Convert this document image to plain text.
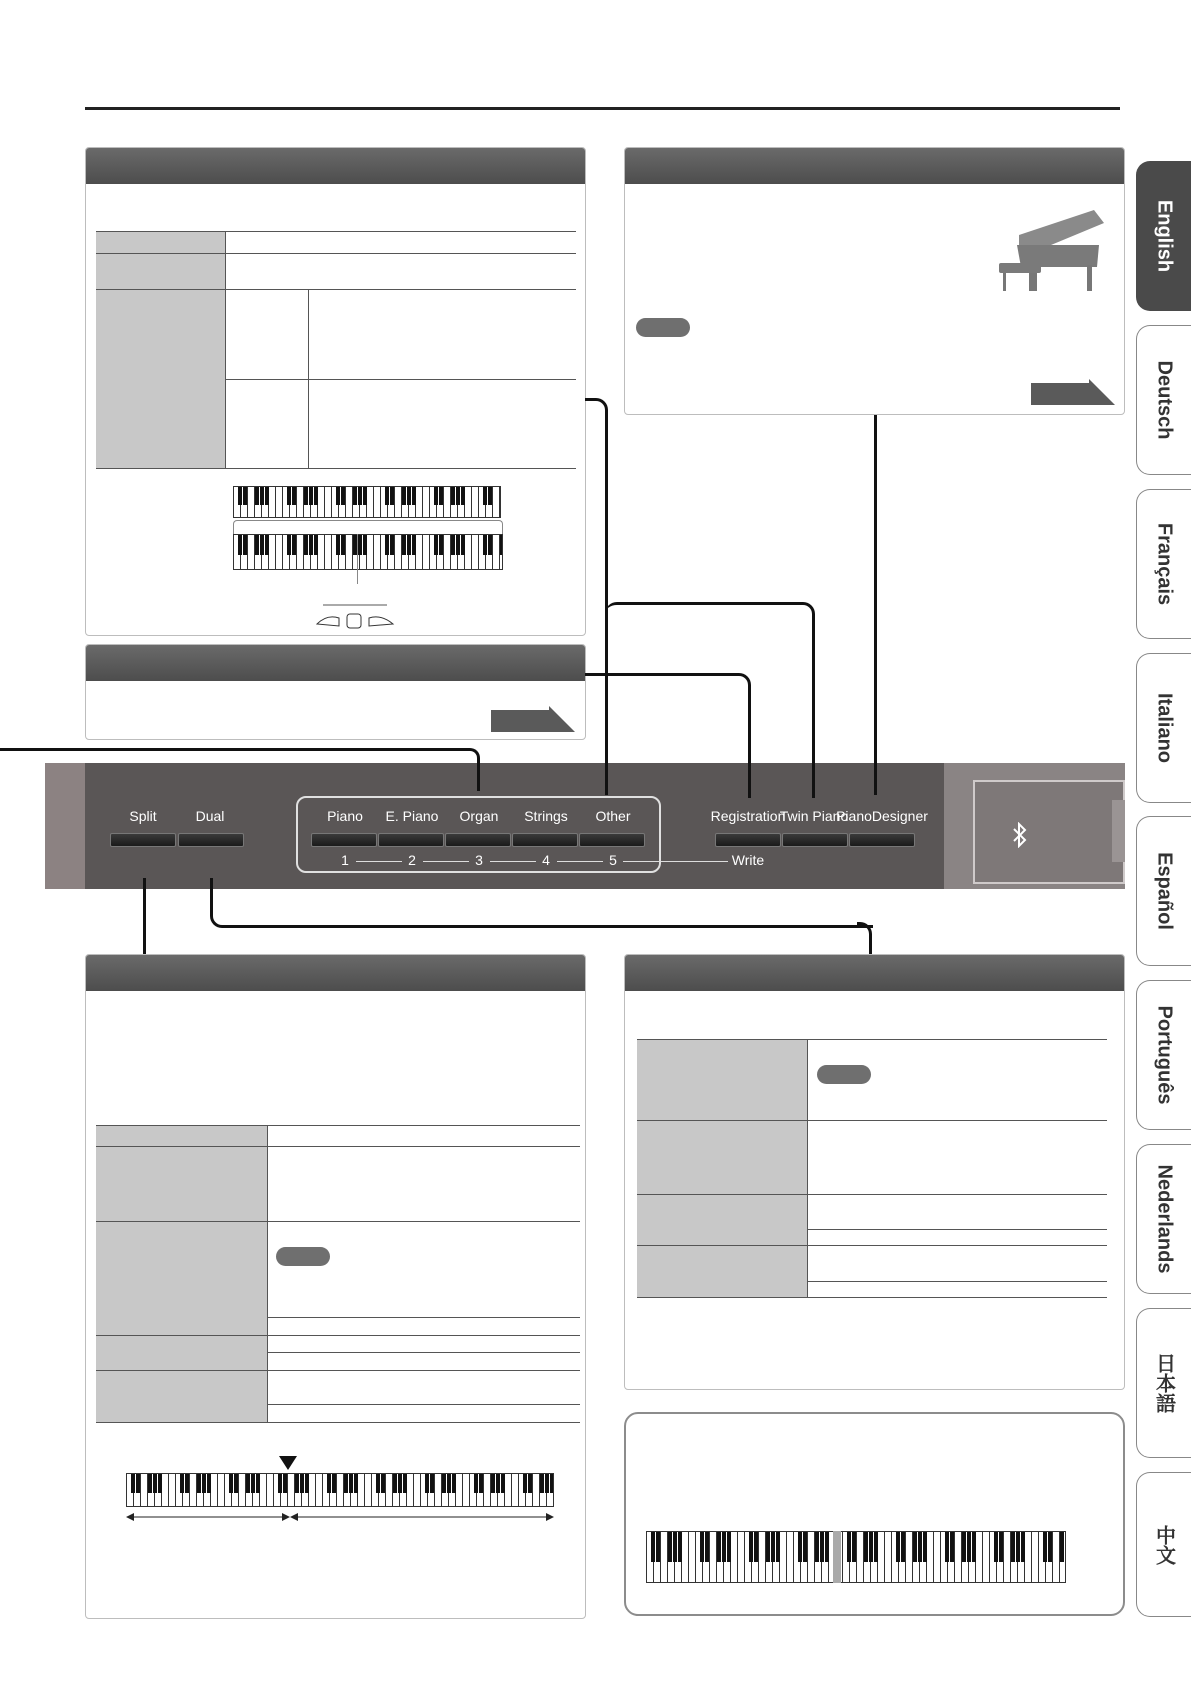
Split	Dual	Piano E. Piano Organ Strings Other
1	2	3	4	5	Write
Registration
Twin Piano
PianoDesigner
English
Deutsch
Français
Italiano
Español
Português
Nederlands
日本語
中文
